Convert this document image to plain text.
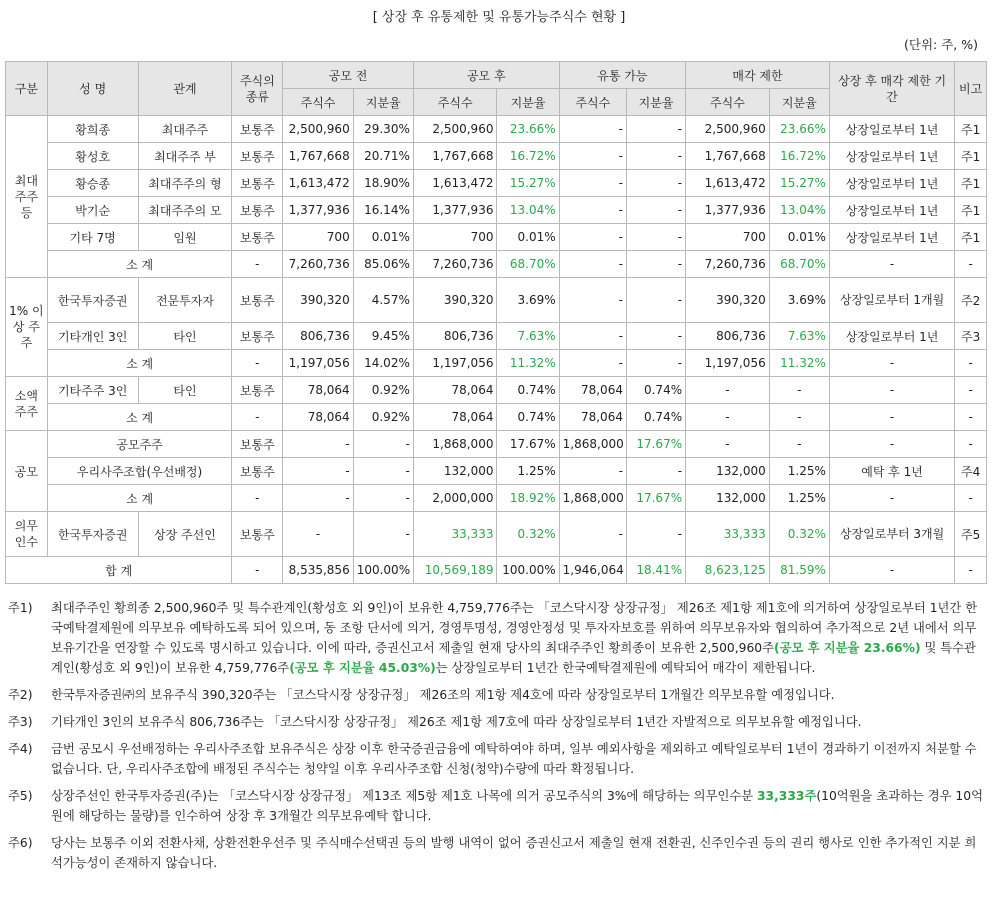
[ 상장 후 유통제한 및 유통가능주식수 현황 ]
(단위: 주, %)
구분	성 명	관계	주식의 종류	공모 전		공모 후		유통 가능		매각 제한		상장 후 매각 제한 기간	비고
				주식수	지분율	주식수	지분율	주식수	지분율	주식수	지분율		
최대 주주 등	황희종	최대주주	보통주	2,500,960	29.30%	2,500,960	23.66%	-	-	2,500,960	23.66%	상장일로부터 1년	주1
	황성호	최대주주 부	보통주	1,767,668	20.71%	1,767,668	16.72%	-	-	1,767,668	16.72%	상장일로부터 1년	주1
	황승종	최대주주의 형	보통주	1,613,472	18.90%	1,613,472	15.27%	-	-	1,613,472	15.27%	상장일로부터 1년	주1
	박기순	최대주주의 모	보통주	1,377,936	16.14%	1,377,936	13.04%	-	-	1,377,936	13.04%	상장일로부터 1년	주1
	기타 7명	임원	보통주	700	0.01%	700	0.01%	-	-	700	0.01%	상장일로부터 1년	주1
	소 계		-	7,260,736	85.06%	7,260,736	68.70%	-	-	7,260,736	68.70%	-	-
1% 이상 주주	한국투자증권	전문투자자	보통주	390,320	4.57%	390,320	3.69%	-	-	390,320	3.69%	상장일로부터 1개월	주2
	기타개인 3인	타인	보통주	806,736	9.45%	806,736	7.63%	-	-	806,736	7.63%	상장일로부터 1년	주3
	소 계		-	1,197,056	14.02%	1,197,056	11.32%	-	-	1,197,056	11.32%	-	-
소액 주주	기타주주 3인	타인	보통주	78,064	0.92%	78,064	0.74%	78,064	0.74%	-	-	-	-
	소 계		-	78,064	0.92%	78,064	0.74%	78,064	0.74%	-	-	-	-
공모	공모주주		보통주	-	-	1,868,000	17.67%	1,868,000	17.67%	-	-	-	-
	우리사주조합(우선배정)		보통주	-	-	132,000	1.25%	-	-	132,000	1.25%	예탁 후 1년	주4
	소 계		-	-	-	2,000,000	18.92%	1,868,000	17.67%	132,000	1.25%	-	-
의무 인수	한국투자증권	상장 주선인	보통주	-	-	33,333	0.32%	-	-	33,333	0.32%	상장일로부터 3개월	주5
합 계			-	8,535,856	100.00%	10,569,189	100.00%	1,946,064	18.41%	8,623,125	81.59%	-	-
주1)	최대주주인 황희종 2,500,960주 및 특수관계인(황성호 외 9인)이 보유한 4,759,776주는 「코스닥시장 상장규정」 제26조 제1항 제1호에 의거하여 상장일로부터 1년간 한국예탁결제원에 의무보유 예탁하도록 되어 있으며, 동 조항 단서에 의거, 경영투명성, 경영안정성 및 투자자보호를 위하여 의무보유자와 협의하여 추가적으로 2년 내에서 의무보유기간을 연장할 수 있도록 명시하고 있습니다. 이에 따라, 증권신고서 제출일 현재 당사의 최대주주인 황희종이 보유한 2,500,960주(공모 후 지분율 23.66%) 및 특수관계인(황성호 외 9인)이 보유한 4,759,776주(공모 후 지분율 45.03%)는 상장일로부터 1년간 한국예탁결제원에 예탁되어 매각이 제한됩니다.
주2)	한국투자증권㈜의 보유주식 390,320주는 「코스닥시장 상장규정」 제26조의 제1항 제4호에 따라 상장일로부터 1개월간 의무보유할 예정입니다.
주3)	기타개인 3인의 보유주식 806,736주는 「코스닥시장 상장규정」 제26조 제1항 제7호에 따라 상장일로부터 1년간 자발적으로 의무보유할 예정입니다.
주4)	금번 공모시 우선배정하는 우리사주조합 보유주식은 상장 이후 한국증권금융에 예탁하여야 하며, 일부 예외사항을 제외하고 예탁일로부터 1년이 경과하기 이전까지 처분할 수 없습니다. 단, 우리사주조합에 배정된 주식수는 청약일 이후 우리사주조합 신청(청약)수량에 따라 확정됩니다.
주5)	상장주선인 한국투자증권(주)는 「코스닥시장 상장규정」 제13조 제5항 제1호 나목에 의거 공모주식의 3%에 해당하는 의무인수분 33,333주(10억원을 초과하는 경우 10억원에 해당하는 물량)를 인수하여 상장 후 3개월간 의무보유예탁 합니다.
주6)	당사는 보통주 이외 전환사채, 상환전환우선주 및 주식매수선택권 등의 발행 내역이 없어 증권신고서 제출일 현재 전환권, 신주인수권 등의 권리 행사로 인한 추가적인 지분 희석가능성이 존재하지 않습니다.
